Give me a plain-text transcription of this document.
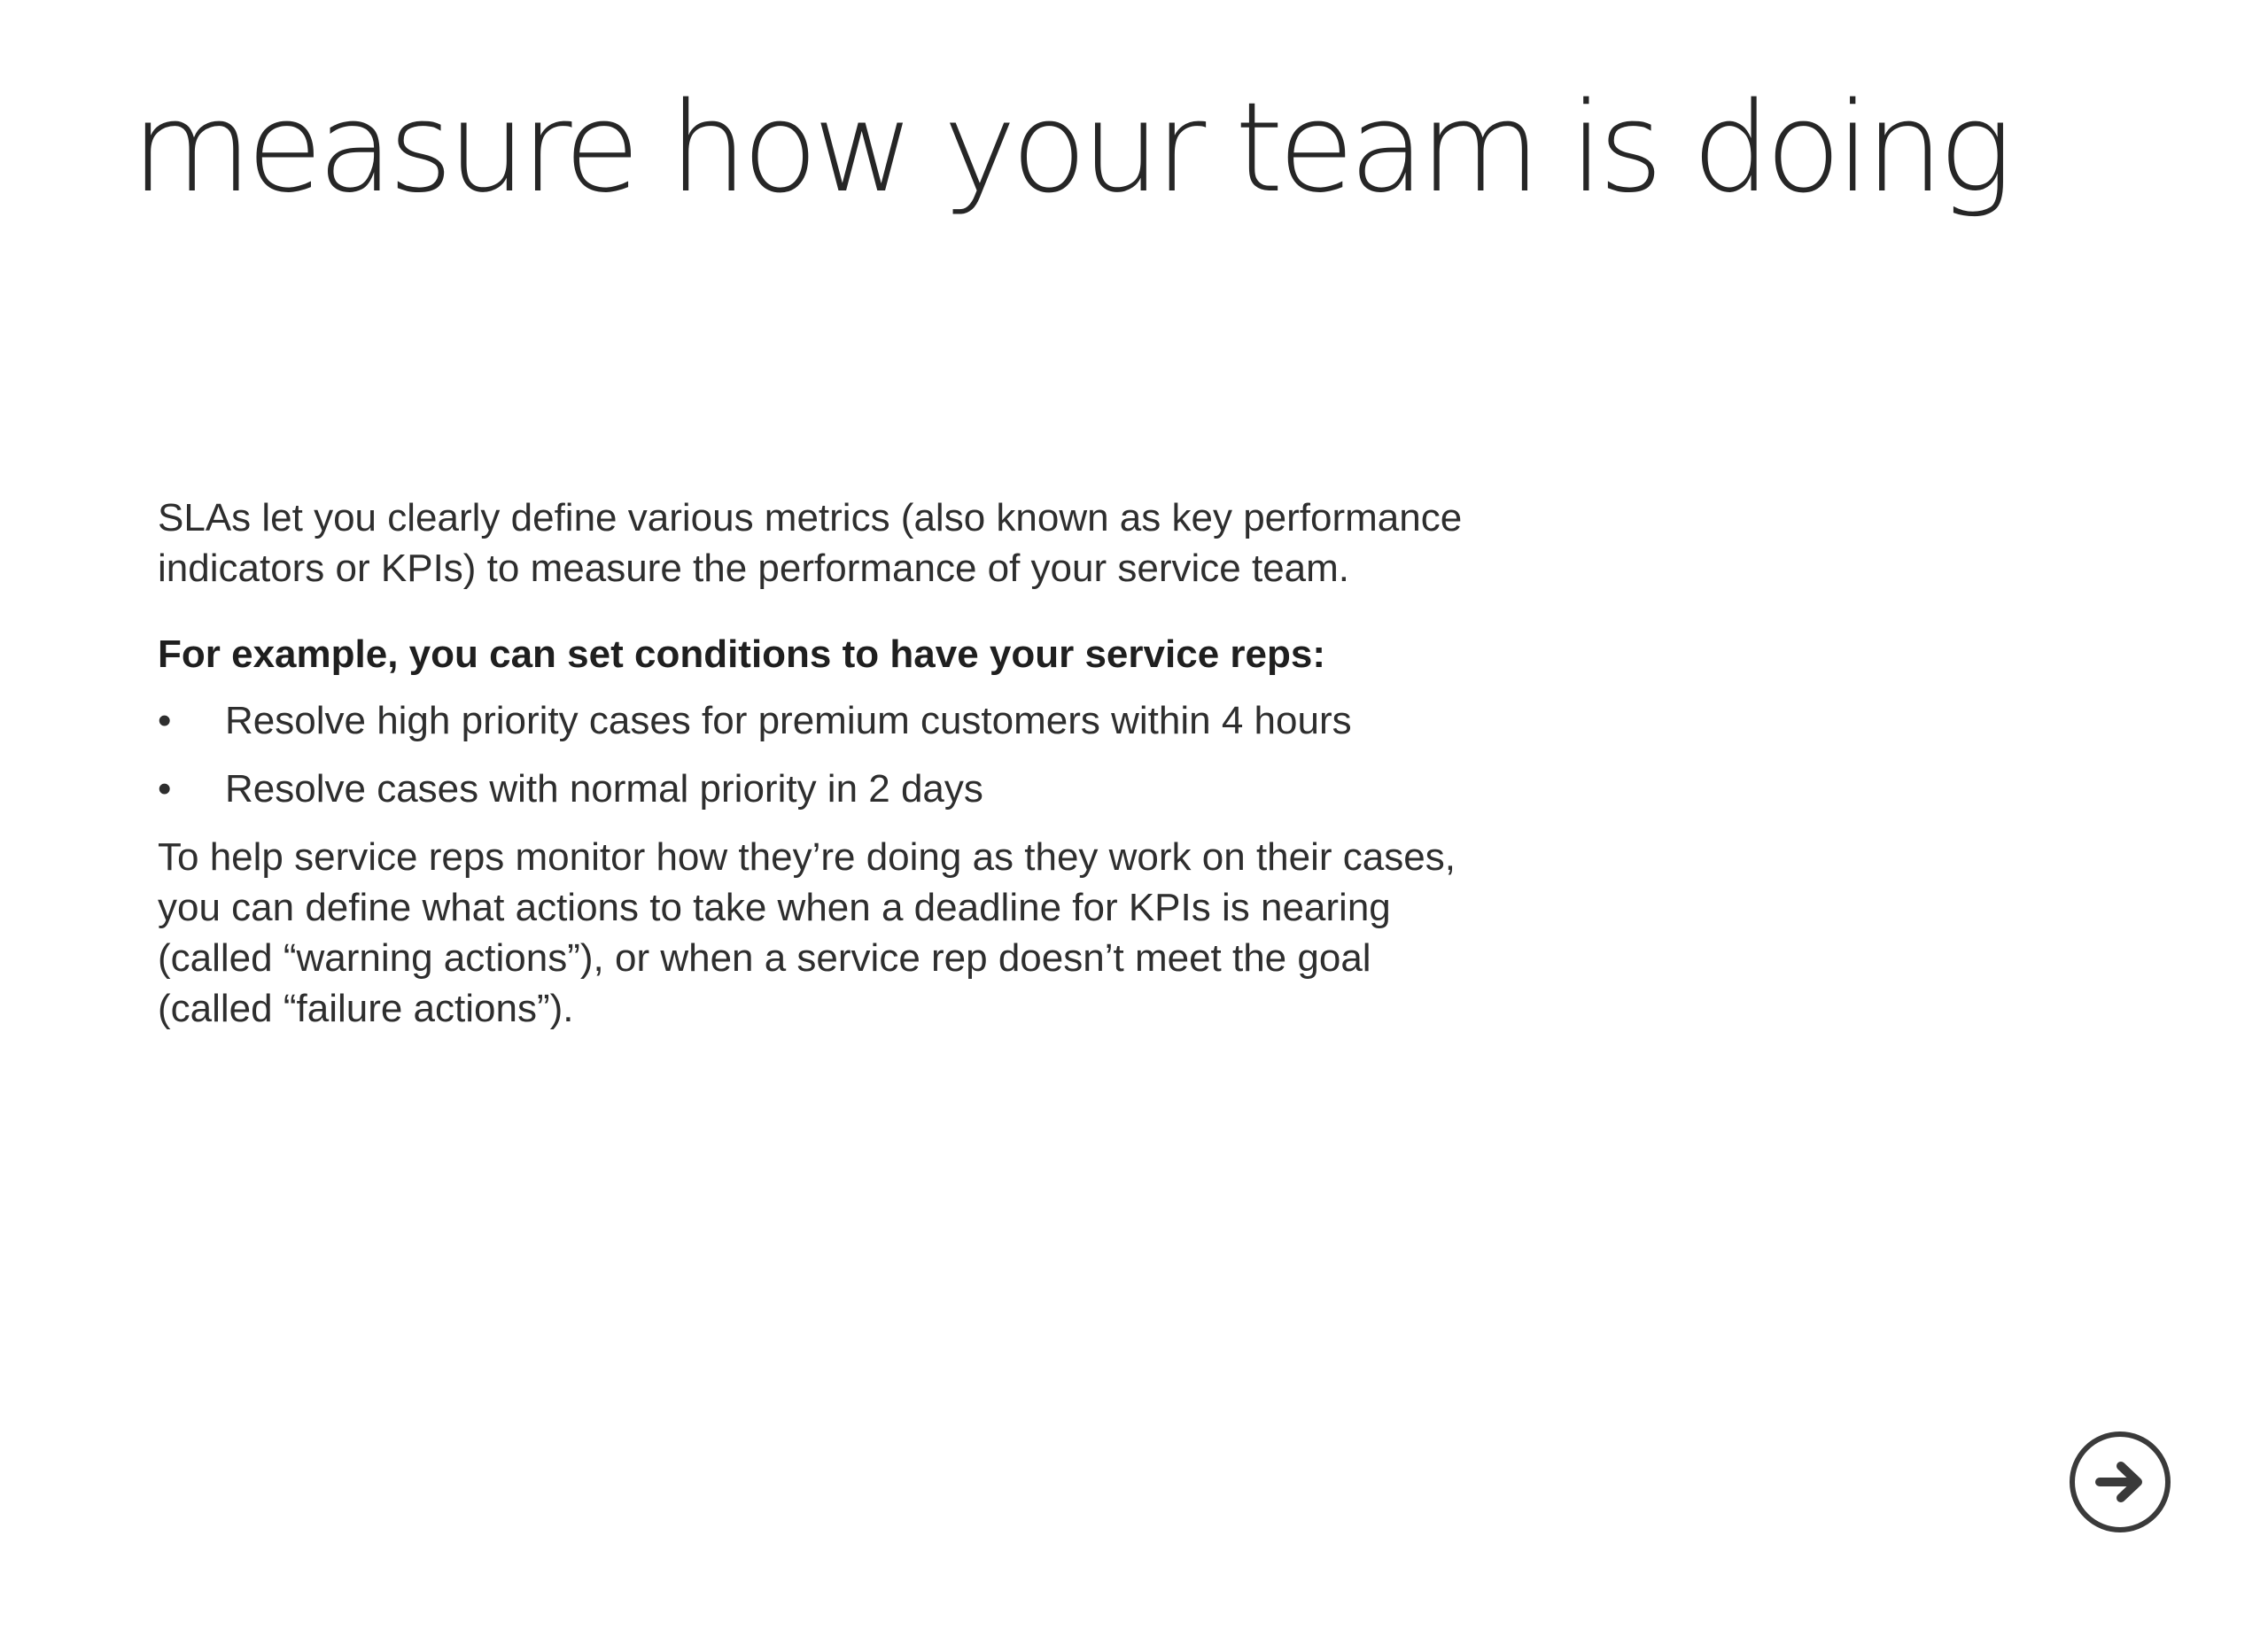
measure how your team is doing

SLAs let you clearly define various metrics (also known as key performance indicators or KPIs) to measure the performance of your service team.

For example, you can set conditions to have your service reps:

• Resolve high priority cases for premium customers within 4 hours
• Resolve cases with normal priority in 2 days

To help service reps monitor how they’re doing as they work on their cases, you can define what actions to take when a deadline for KPIs is nearing (called “warning actions”), or when a service rep doesn’t meet the goal (called “failure actions”).
